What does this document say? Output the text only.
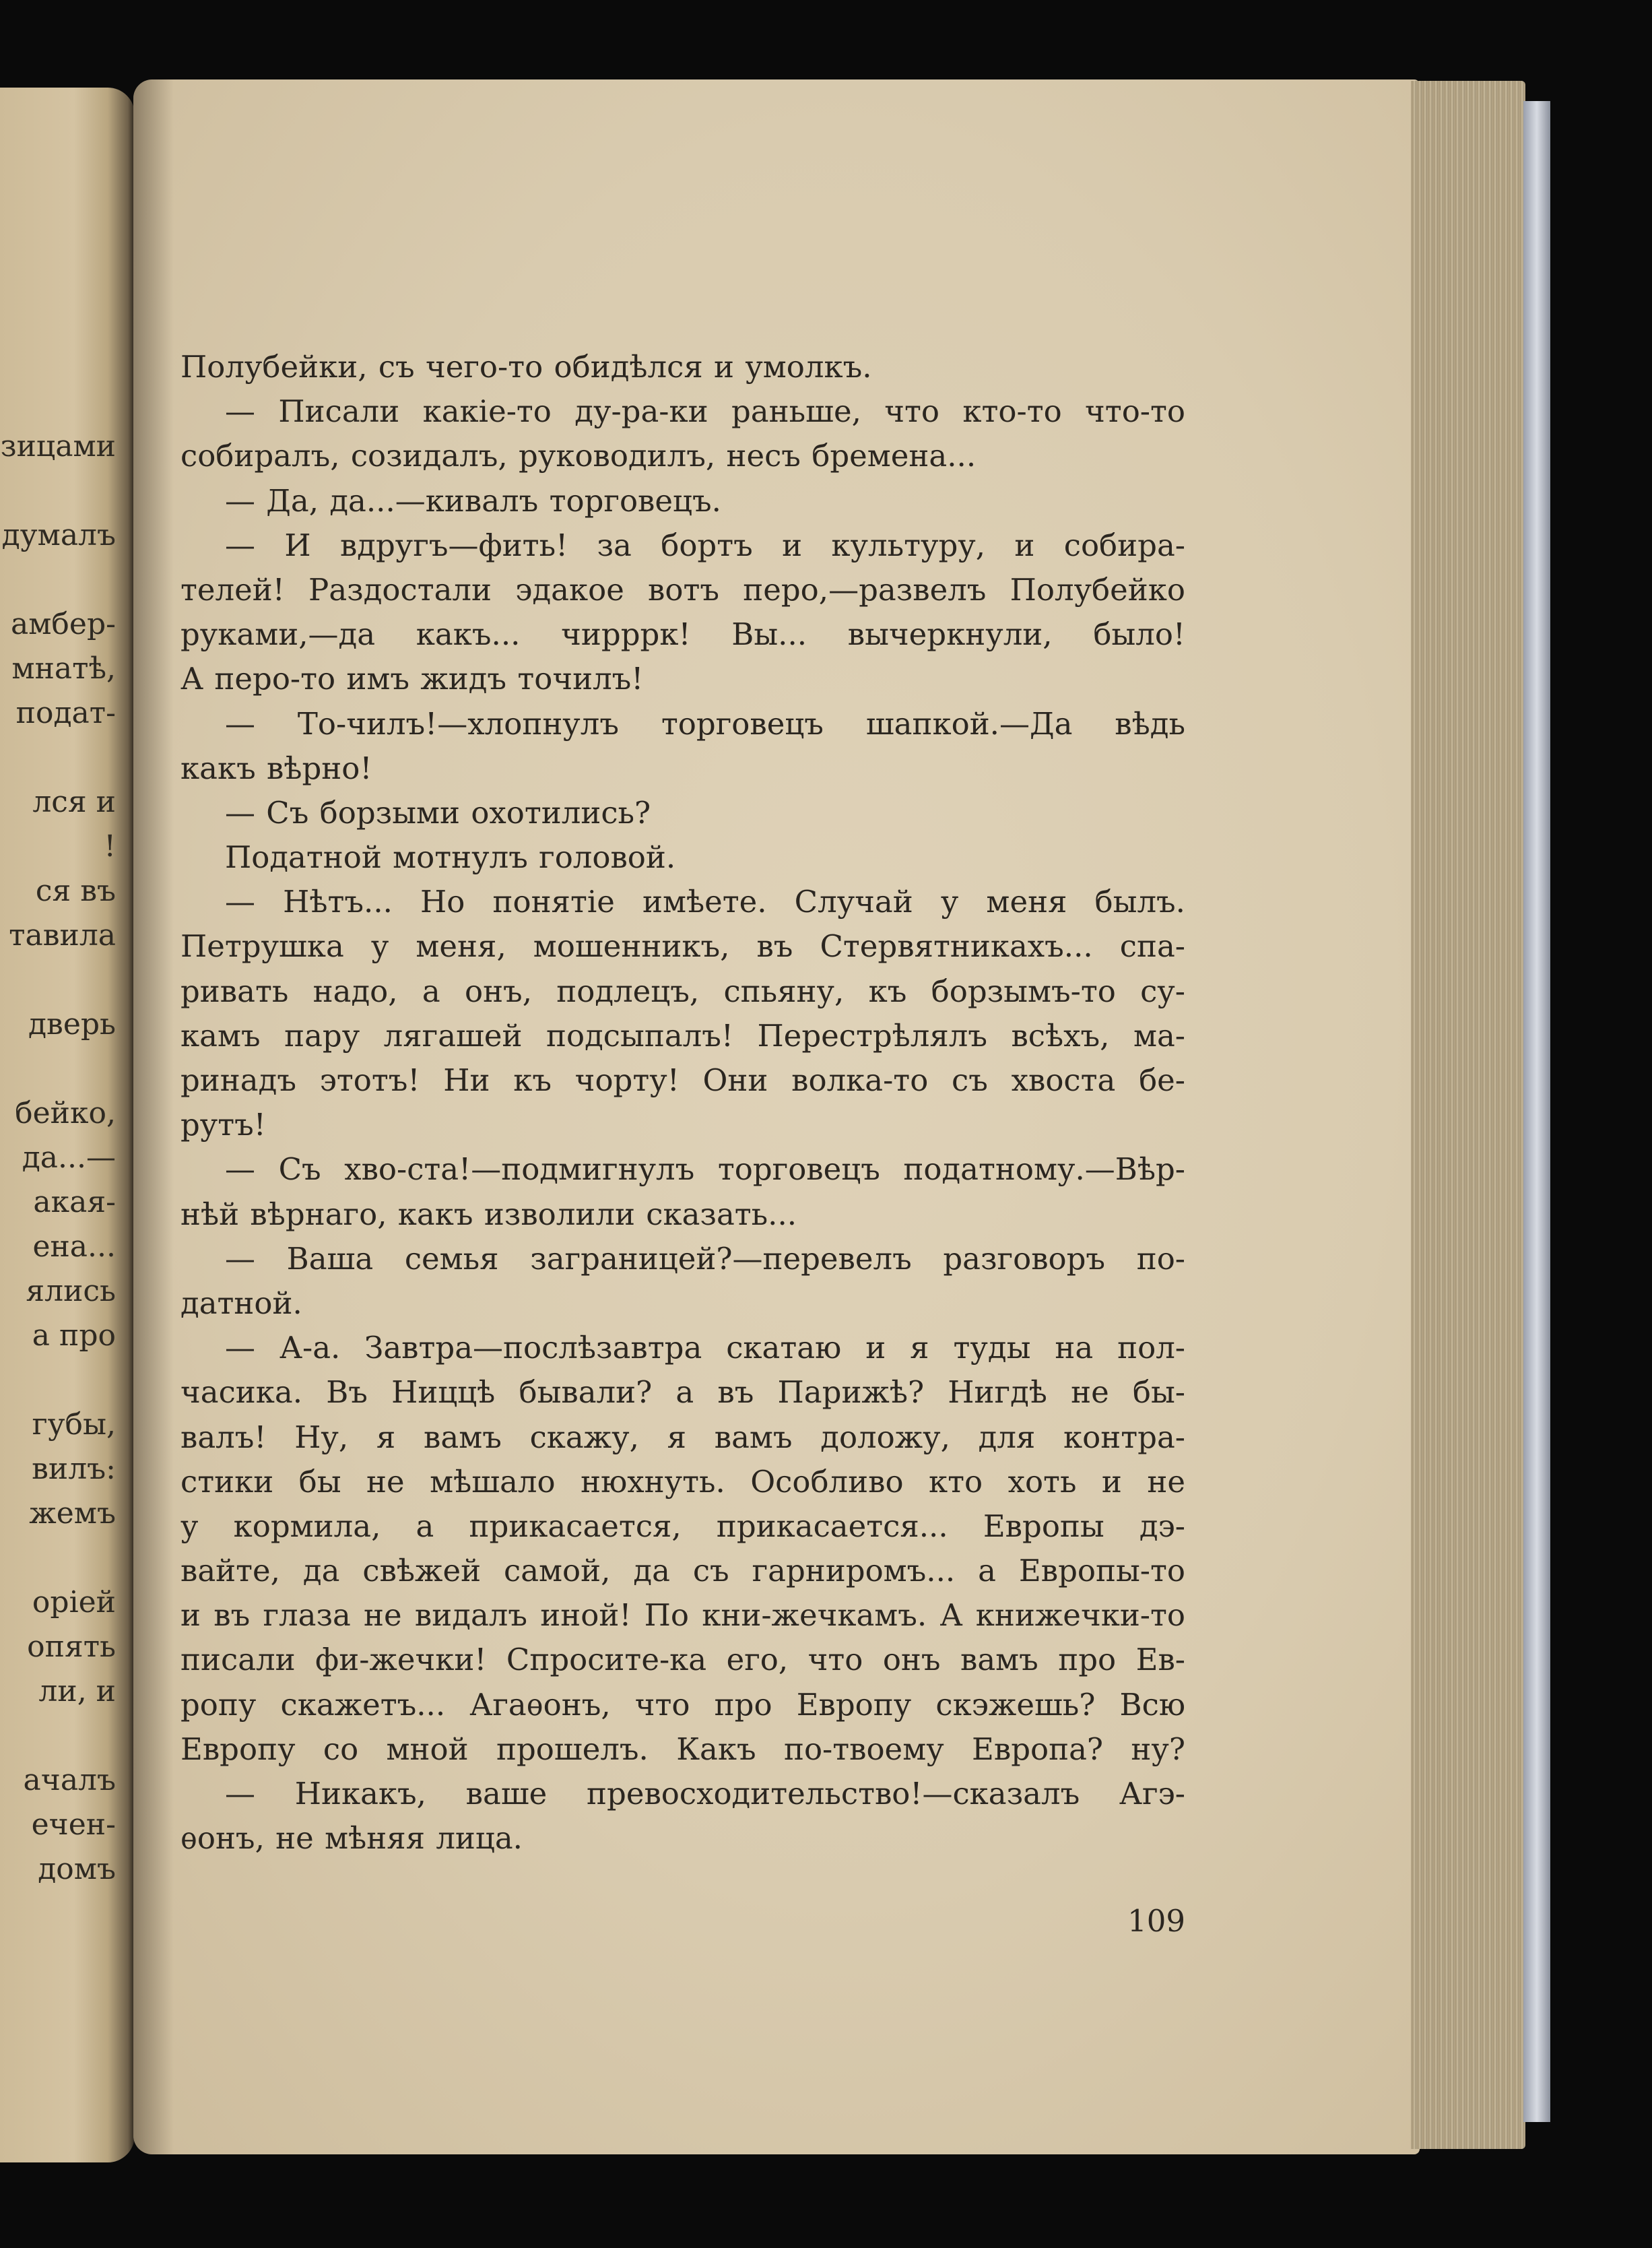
зицами
думалъ
амбер-
мнатѣ,
подат-
лся и
!
ся въ
тавила
дверь
бейко,
да...—
акая-
ена...
ялись
а про
губы,
вилъ:
жемъ
оріей
опять
ли, и
ачалъ
ечен-
домъ
Полубейки, съ чего-то обидѣлся и умолкъ.
— Писали какіе-то ду-ра-ки раньше, что кто-то что-то
собиралъ, созидалъ, руководилъ, несъ бремена...
— Да, да...—кивалъ торговецъ.
— И вдругъ—фить! за бортъ и культуру, и собира-
телей! Раздостали эдакое вотъ перо,—развелъ Полубейко
руками,—да какъ... чирррк! Вы... вычеркнули, было!
А перо-то имъ жидъ точилъ!
— То-чилъ!—хлопнулъ торговецъ шапкой.—Да вѣдь
какъ вѣрно!
— Съ борзыми охотились?
Податной мотнулъ головой.
— Нѣтъ... Но понятіе имѣете. Случай у меня былъ.
Петрушка у меня, мошенникъ, въ Стервятникахъ... спа-
ривать надо, а онъ, подлецъ, спьяну, къ борзымъ-то су-
камъ пару лягашей подсыпалъ! Перестрѣлялъ всѣхъ, ма-
ринадъ этотъ! Ни къ чорту! Они волка-то съ хвоста бе-
рутъ!
— Съ хво-ста!—подмигнулъ торговецъ податному.—Вѣр-
нѣй вѣрнаго, какъ изволили сказать...
— Ваша семья заграницей?—перевелъ разговоръ по-
датной.
— А-а. Завтра—послѣзавтра скатаю и я туды на пол-
часика. Въ Ниццѣ бывали? а въ Парижѣ? Нигдѣ не бы-
валъ! Ну, я вамъ скажу, я вамъ доложу, для контра-
стики бы не мѣшало нюхнуть. Особливо кто хоть и не
у кормила, а прикасается, прикасается... Европы дэ-
вайте, да свѣжей самой, да съ гарниромъ... а Европы-то
и въ глаза не видалъ иной! По кни-жечкамъ. А книжечки-то
писали фи-жечки! Спросите-ка его, что онъ вамъ про Ев-
ропу скажетъ... Агаѳонъ, что про Европу скэжешь? Всю
Европу со мной прошелъ. Какъ по-твоему Европа? ну?
— Никакъ, ваше превосходительство!—сказалъ Агэ-
ѳонъ, не мѣняя лица.
109
